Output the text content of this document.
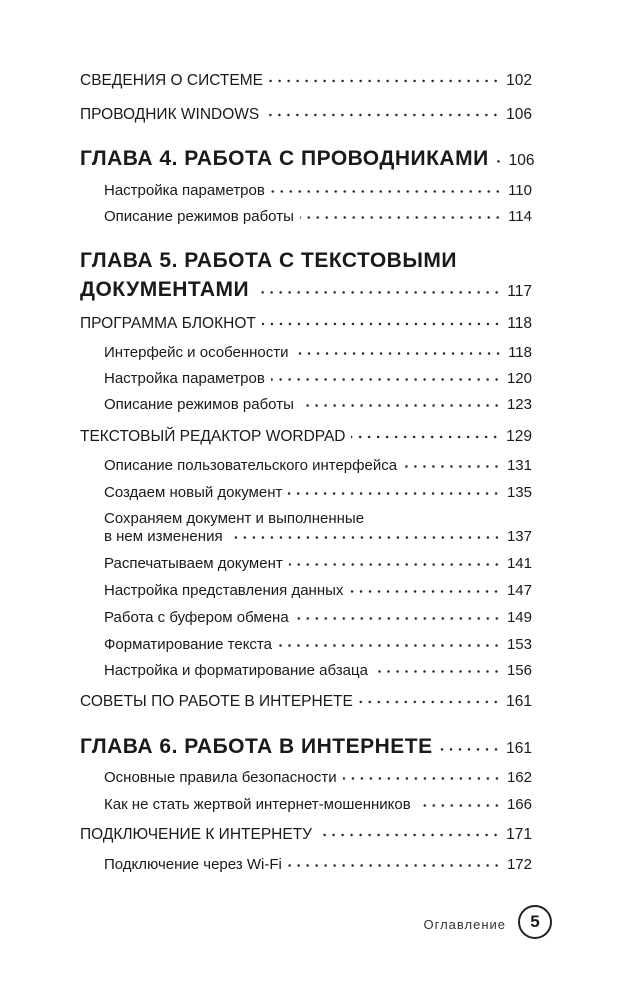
СВЕДЕНИЯ О СИСТЕМЕ	102
ПРОВОДНИК WINDOWS	106
ГЛАВА 4. РАБОТА С ПРОВОДНИКАМИ 106
Настройка параметров	110
Описание режимов работы	114
ГЛАВА 5. РАБОТА С ТЕКСТОВЫМИ
ДОКУМЕНТАМИ	117
ПРОГРАММА БЛОКНОТ	118
Интерфейс и особенности	118
Настройка параметров	120
Описание режимов работы	123
ТЕКСТОВЫЙ РЕДАКТОР WORDPAD	129
Описание пользовательского интерфейса	131
Создаем новый документ	135
Сохраняем документ и выполненные
в нем изменения	137
Распечатываем документ	141
Настройка представления данных	147
Работа с буфером обмена	149
Форматирование текста	153
Настройка и форматирование абзаца	156
СОВЕТЫ ПО РАБОТЕ В ИНТЕРНЕТЕ	161
ГЛАВА 6. РАБОТА В ИНТЕРНЕТЕ	161
Основные правила безопасности	162
Как не стать жертвой интернет-мошенников	166
ПОДКЛЮЧЕНИЕ К ИНТЕРНЕТУ	171
Подключение через Wi-Fi	172
Оглавление	5
